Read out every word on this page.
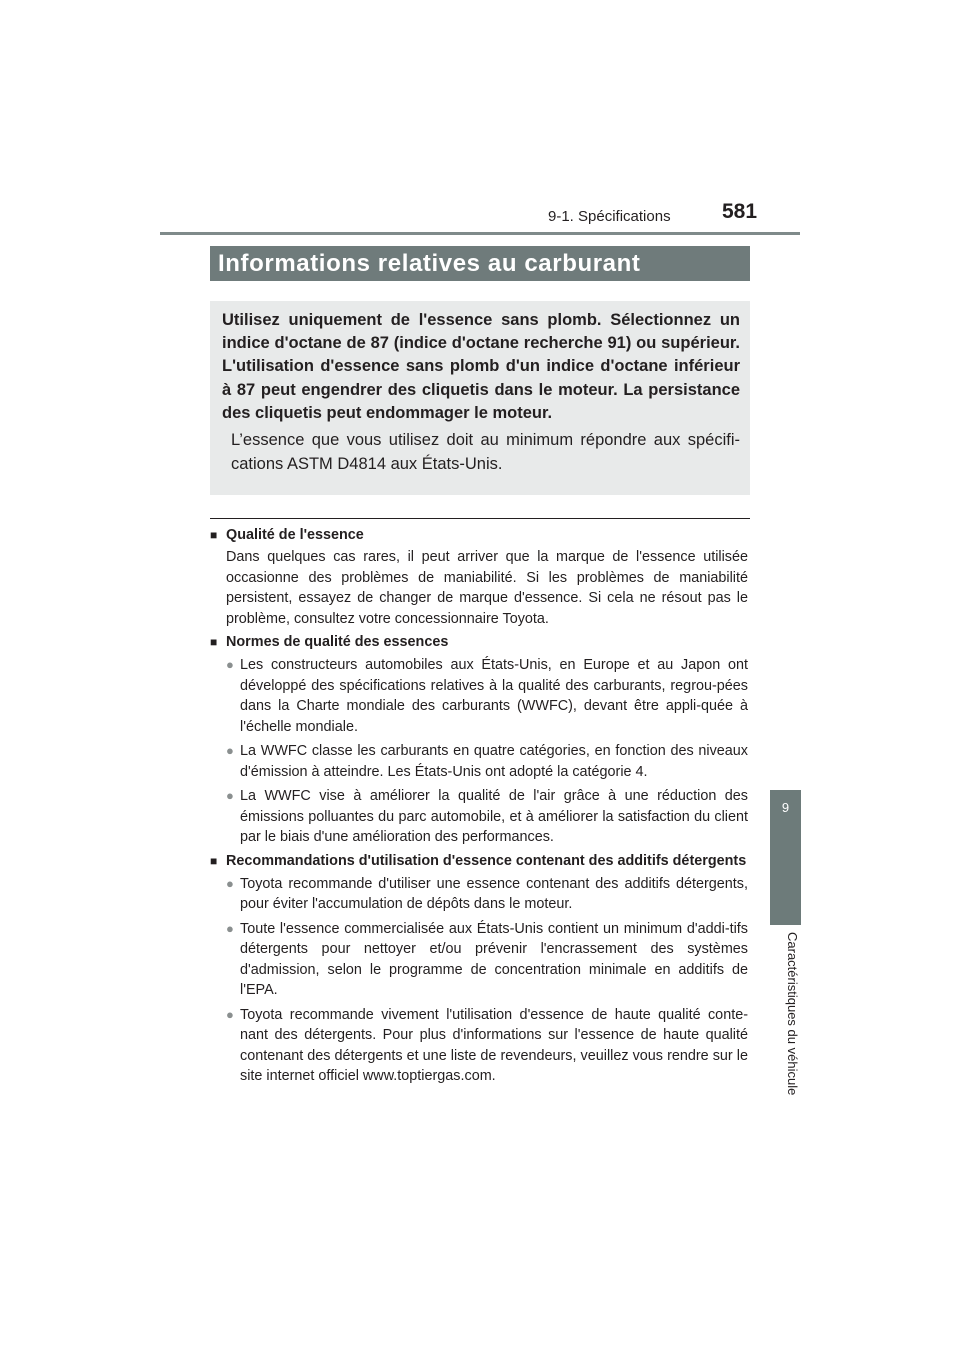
9-1. Spécifications 581
9
Caractéristiques du véhicule
Informations relatives au carburant

Utilisez uniquement de l'essence sans plomb. Sélectionnez un indice d'octane de 87 (indice d'octane recherche 91) ou supérieur. L'utilisation d'essence sans plomb d'un indice d'octane inférieur à 87 peut engendrer des cliquetis dans le moteur. La persistance des cliquetis peut endommager le moteur.

L’essence que vous utilisez doit au minimum répondre aux spécifi-cations ASTM D4814 aux États-Unis.

■ Qualité de l'essence

Dans quelques cas rares, il peut arriver que la marque de l'essence utilisée occasionne des problèmes de maniabilité. Si les problèmes de maniabilité persistent, essayez de changer de marque d'essence. Si cela ne résout pas le problème, consultez votre concessionnaire Toyota.

■ Normes de qualité des essences
● Les constructeurs automobiles aux États-Unis, en Europe et au Japon ont développé des spécifications relatives à la qualité des carburants, regrou-pées dans la Charte mondiale des carburants (WWFC), devant être appli-quée à l'échelle mondiale.
● La WWFC classe les carburants en quatre catégories, en fonction des niveaux d'émission à atteindre. Les États-Unis ont adopté la catégorie 4.
● La WWFC vise à améliorer la qualité de l'air grâce à une réduction des émissions polluantes du parc automobile, et à améliorer la satisfaction du client par le biais d'une amélioration des performances.
■ Recommandations d'utilisation d'essence contenant des additifs détergents
● Toyota recommande d'utiliser une essence contenant des additifs détergents, pour éviter l'accumulation de dépôts dans le moteur.
● Toute l'essence commercialisée aux États-Unis contient un minimum d'addi-tifs détergents pour nettoyer et/ou prévenir l'encrassement des systèmes d'admission, selon le programme de concentration minimale en additifs de l'EPA.
● Toyota recommande vivement l'utilisation d'essence de haute qualité conte-nant des détergents. Pour plus d'informations sur l'essence de haute qualité contenant des détergents et une liste de revendeurs, veuillez vous rendre sur le site internet officiel www.toptiergas.com.
